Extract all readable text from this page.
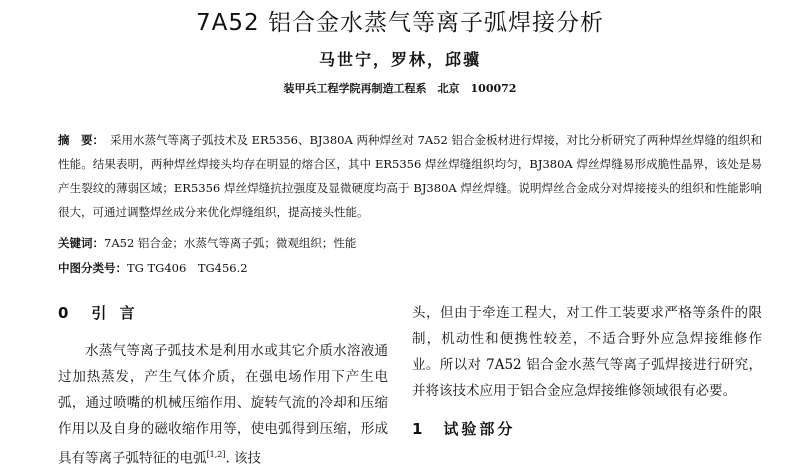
7A52 铝合金水蒸气等离子弧焊接分析
马世宁，罗林，邱骥
装甲兵工程学院再制造工程系　北京　100072
摘　要： 采用水蒸气等离子弧技术及 ER5356、BJ380A 两种焊丝对 7A52 铝合金板材进行焊接，对比分析研究了两种焊丝焊缝的组织和性能。结果表明，两种焊丝焊接头均存在明显的熔合区，其中 ER5356 焊丝焊缝组织均匀，BJ380A 焊丝焊缝易形成脆性晶界，该处是易产生裂纹的薄弱区域；ER5356 焊丝焊缝抗拉强度及显微硬度均高于 BJ380A 焊丝焊缝。说明焊丝合金成分对焊接接头的组织和性能影响很大，可通过调整焊丝成分来优化焊缝组织，提高接头性能。
关键词：7A52 铝合金；水蒸气等离子弧；微观组织；性能
中图分类号：TG TG406　TG456.2
0　引 言
水蒸气等离子弧技术是利用水或其它介质水溶液通过加热蒸发，产生气体介质，在强电场作用下产生电弧，通过喷嘴的机械压缩作用、旋转气流的冷却和压缩作用以及自身的磁收缩作用等，使电弧得到压缩，形成具有等离子弧特征的电弧[1,2]. 该技
头，但由于牵连工程大，对工件工装要求严格等条件的限制，机动性和便携性较差，不适合野外应急焊接维修作业。所以对 7A52 铝合金水蒸气等离子弧焊接进行研究，并将该技术应用于铝合金应急焊接维修领域很有必要。
1　试验部分
